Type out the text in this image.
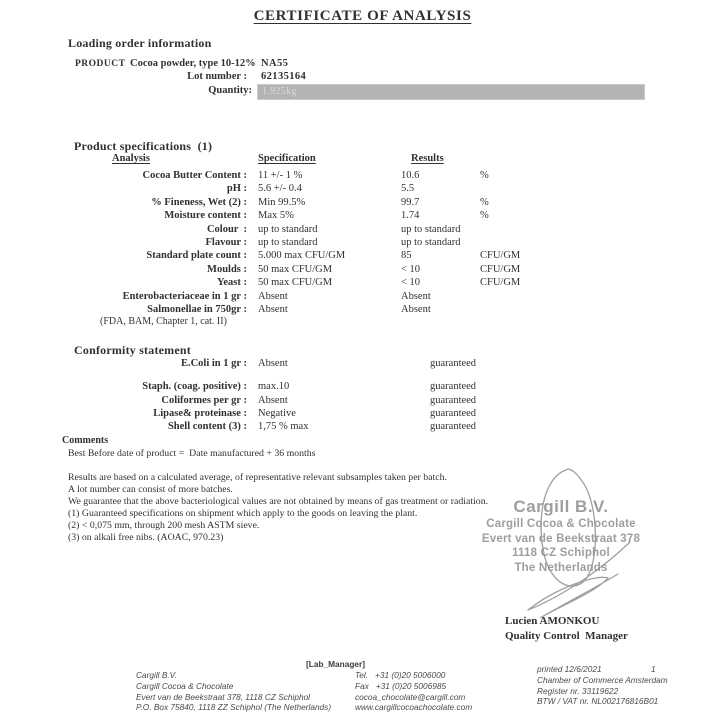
CERTIFICATE OF ANALYSIS
Loading order information
PRODUCT Cocoa powder, type 10-12% NA55
Lot number : 62135164
Quantity:	1.925kg
Product specifications  (1)
Analysis	Specification	Results
Cocoa Butter Content :	11 +/- 1 %	10.6	%
pH :	5.6 +/- 0.4	5.5
% Fineness, Wet (2) :	Min 99.5%	99.7	%
Moisture content :	Max 5%	1.74	%
Colour  :	up to standard	up to standard
Flavour :	up to standard	up to standard
Standard plate count :	5.000 max CFU/GM	85	CFU/GM
Moulds :	50 max CFU/GM	< 10	CFU/GM
Yeast :	50 max CFU/GM	< 10	CFU/GM
Enterobacteriaceae in 1 gr :	Absent	Absent
Salmonellae in 750gr :	Absent	Absent
(FDA, BAM, Chapter 1, cat. II)
Conformity statement
E.Coli in 1 gr :	Absent	guaranteed
Staph. (coag. positive) :	max.10	guaranteed
Coliformes per gr :	Absent	guaranteed
Lipase& proteinase :	Negative	guaranteed
Shell content (3) :	1,75 % max	guaranteed
Comments
Best Before date of product =  Date manufactured + 36 months
Results are based on a calculated average, of representative relevant subsamples taken per batch.
A lot number can consist of more batches.
We guarantee that the above bacteriological values are not obtained by means of gas treatment or radiation.
(1) Guaranteed specifications on shipment which apply to the goods on leaving the plant.
(2) < 0,075 mm, through 200 mesh ASTM sieve.
(3) on alkali free nibs. (AOAC, 970.23)
Cargill B.V.
Cargill Cocoa & Chocolate
Evert van de Beekstraat 378
1118 CZ Schiphol
The Netherlands
Lucien AMONKOU
Quality Control  Manager
[Lab_Manager]
Cargill B.V.
Cargill Cocoa & Chocolate
Evert van de Beekstraat 378, 1118 CZ Schiphol
P.O. Box 75840, 1118 ZZ Schiphol (The Netherlands)
Tel.   +31 (0)20 5006000
Fax   +31 (0)20 5006985
cocoa_chocolate@cargill.com
www.cargillcocoachocolate.com
printed 12/6/2021
Chamber of Commerce Amsterdam
Register nr. 33119622
BTW / VAT nr. NL002176816B01
1
